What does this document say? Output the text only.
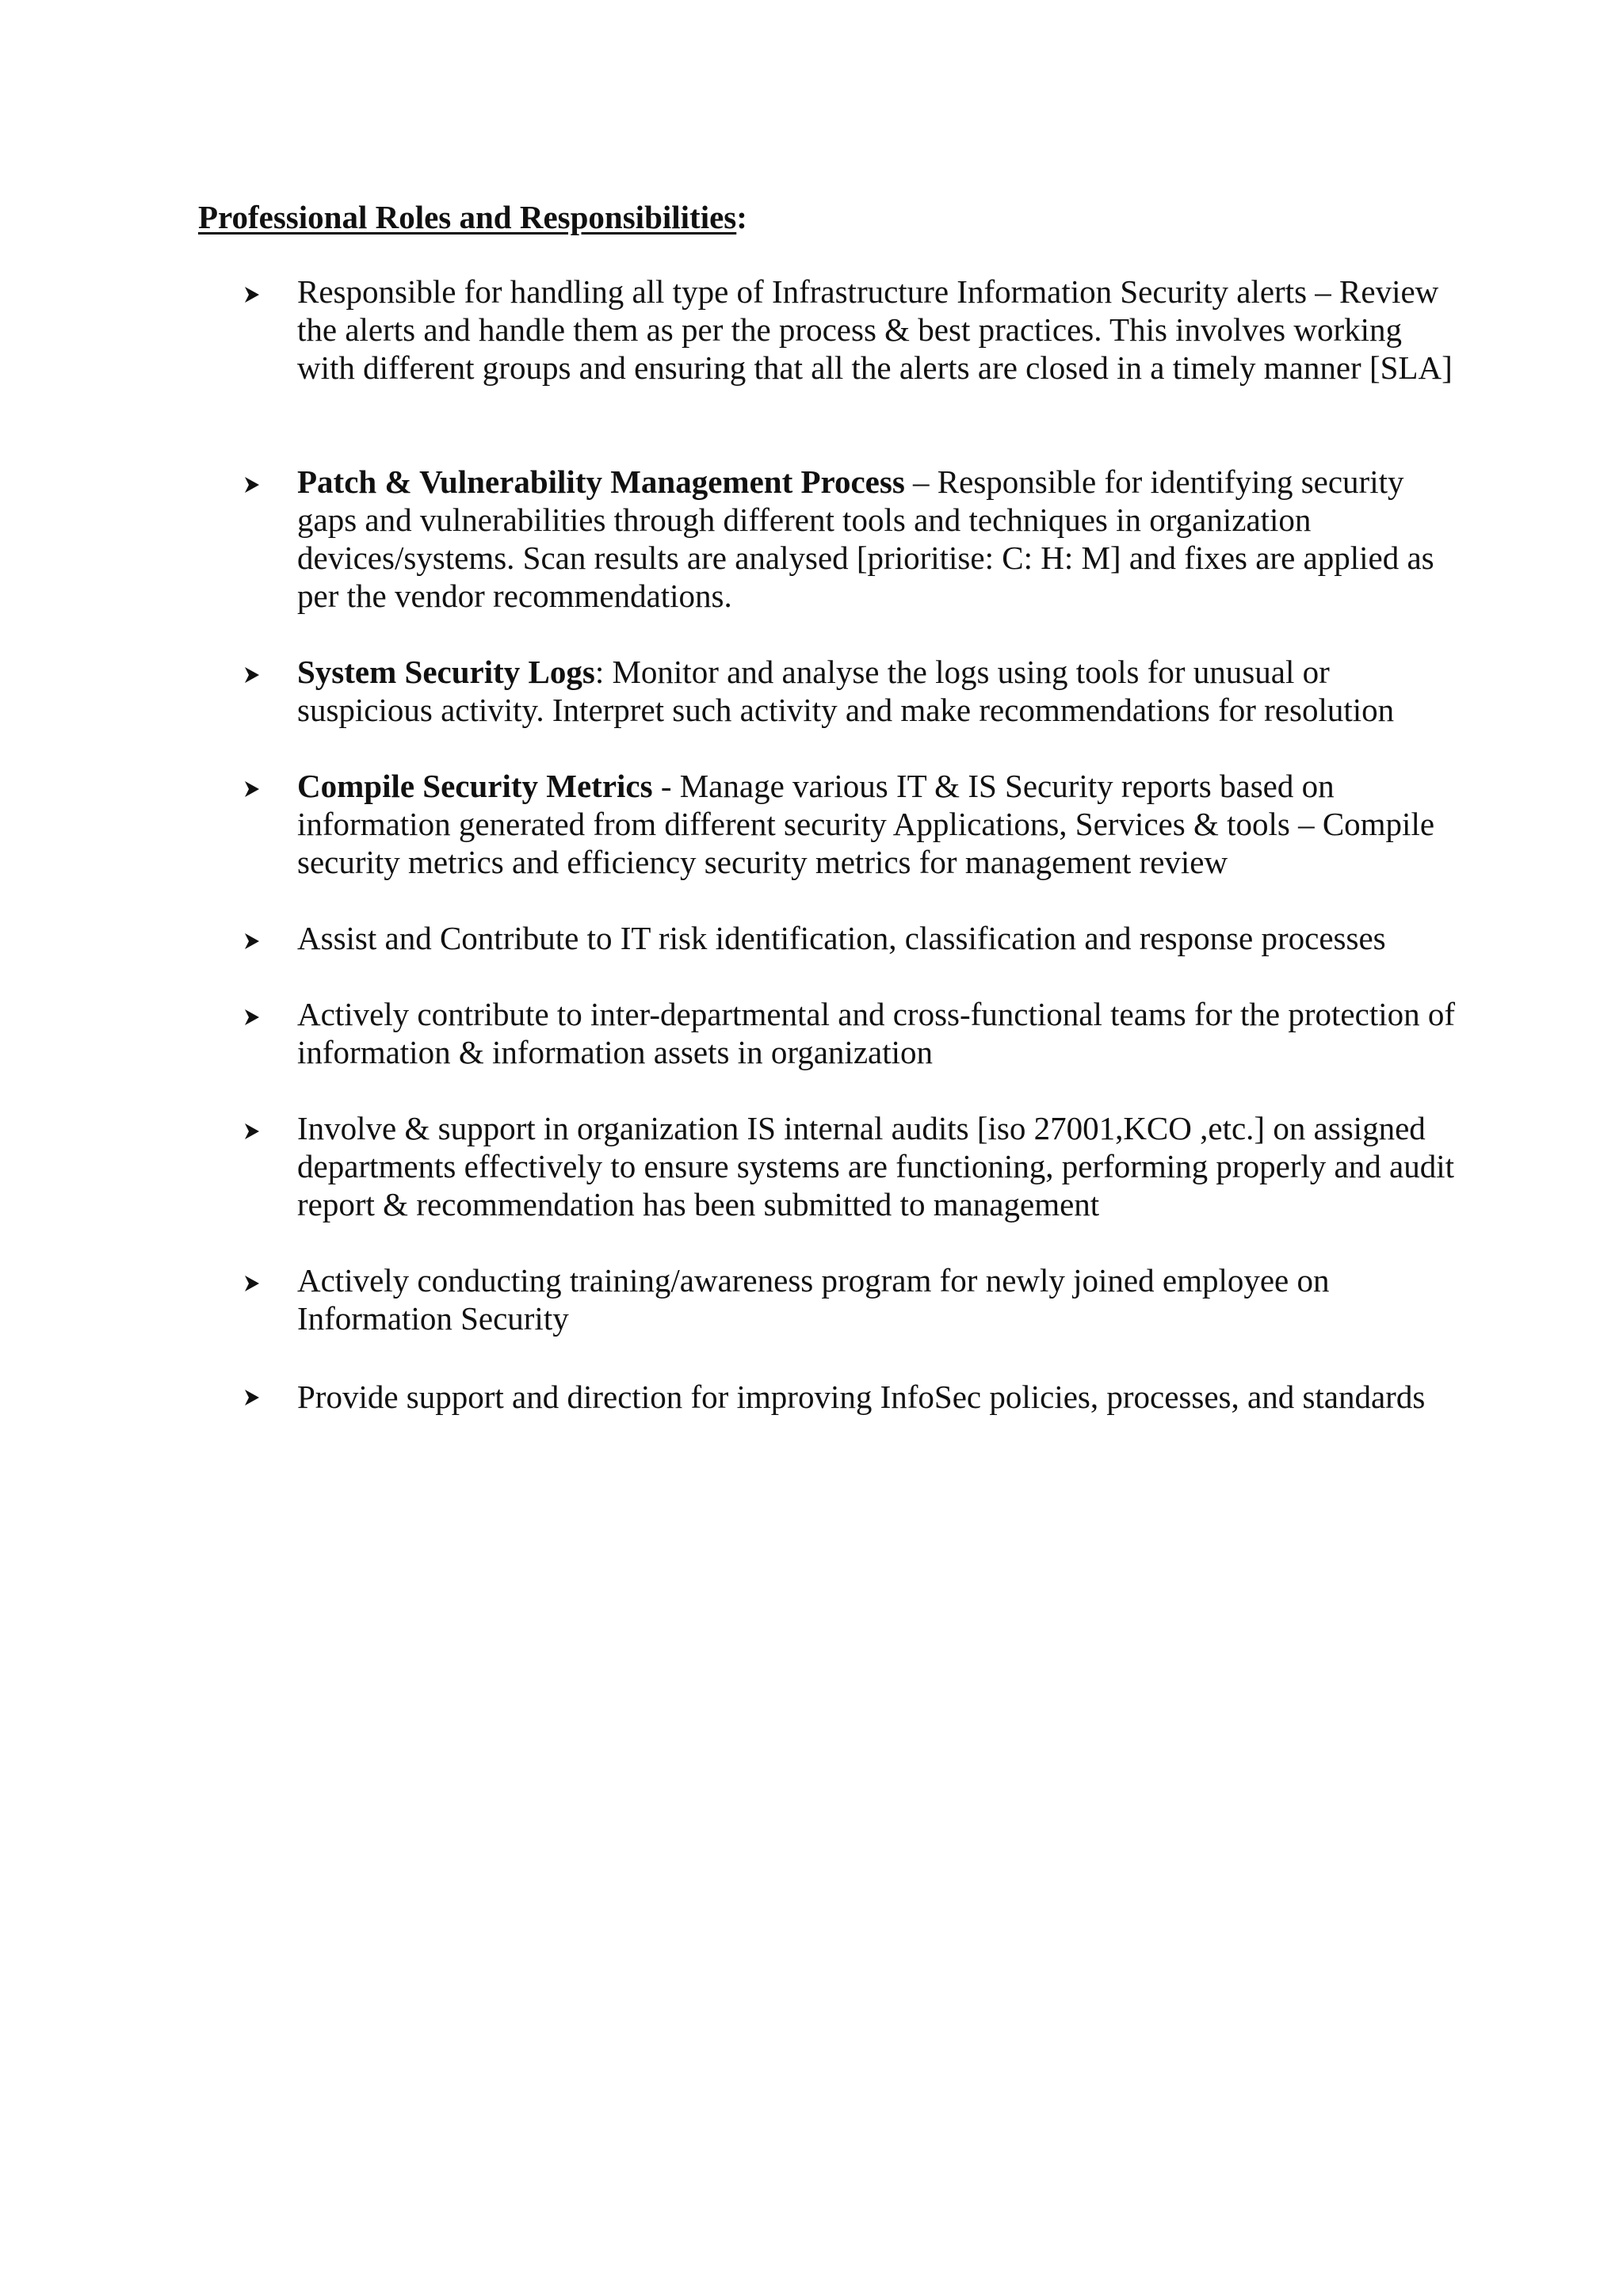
Professional Roles and Responsibilities:

Responsible for handling all type of Infrastructure Information Security alerts – Review the alerts and handle them as per the process & best practices. This involves working with different groups and ensuring that all the alerts are closed in a timely manner [SLA]

Patch & Vulnerability Management Process – Responsible for identifying security gaps and vulnerabilities through different tools and techniques in organization devices/systems. Scan results are analysed [prioritise: C: H: M] and fixes are applied as per the vendor recommendations.

System Security Logs: Monitor and analyse the logs using tools for unusual or suspicious activity. Interpret such activity and make recommendations for resolution

Compile Security Metrics - Manage various IT & IS Security reports based on information generated from different security Applications, Services & tools – Compile security metrics and efficiency security metrics for management review

Assist and Contribute to IT risk identification, classification and response processes

Actively contribute to inter-departmental and cross-functional teams for the protection of information & information assets in organization

Involve & support in organization IS internal audits [iso 27001,KCO ,etc.] on assigned departments effectively to ensure systems are functioning, performing properly and audit report & recommendation has been submitted to management

Actively conducting training/awareness program for newly joined employee on Information Security

Provide support and direction for improving InfoSec policies, processes, and standards
